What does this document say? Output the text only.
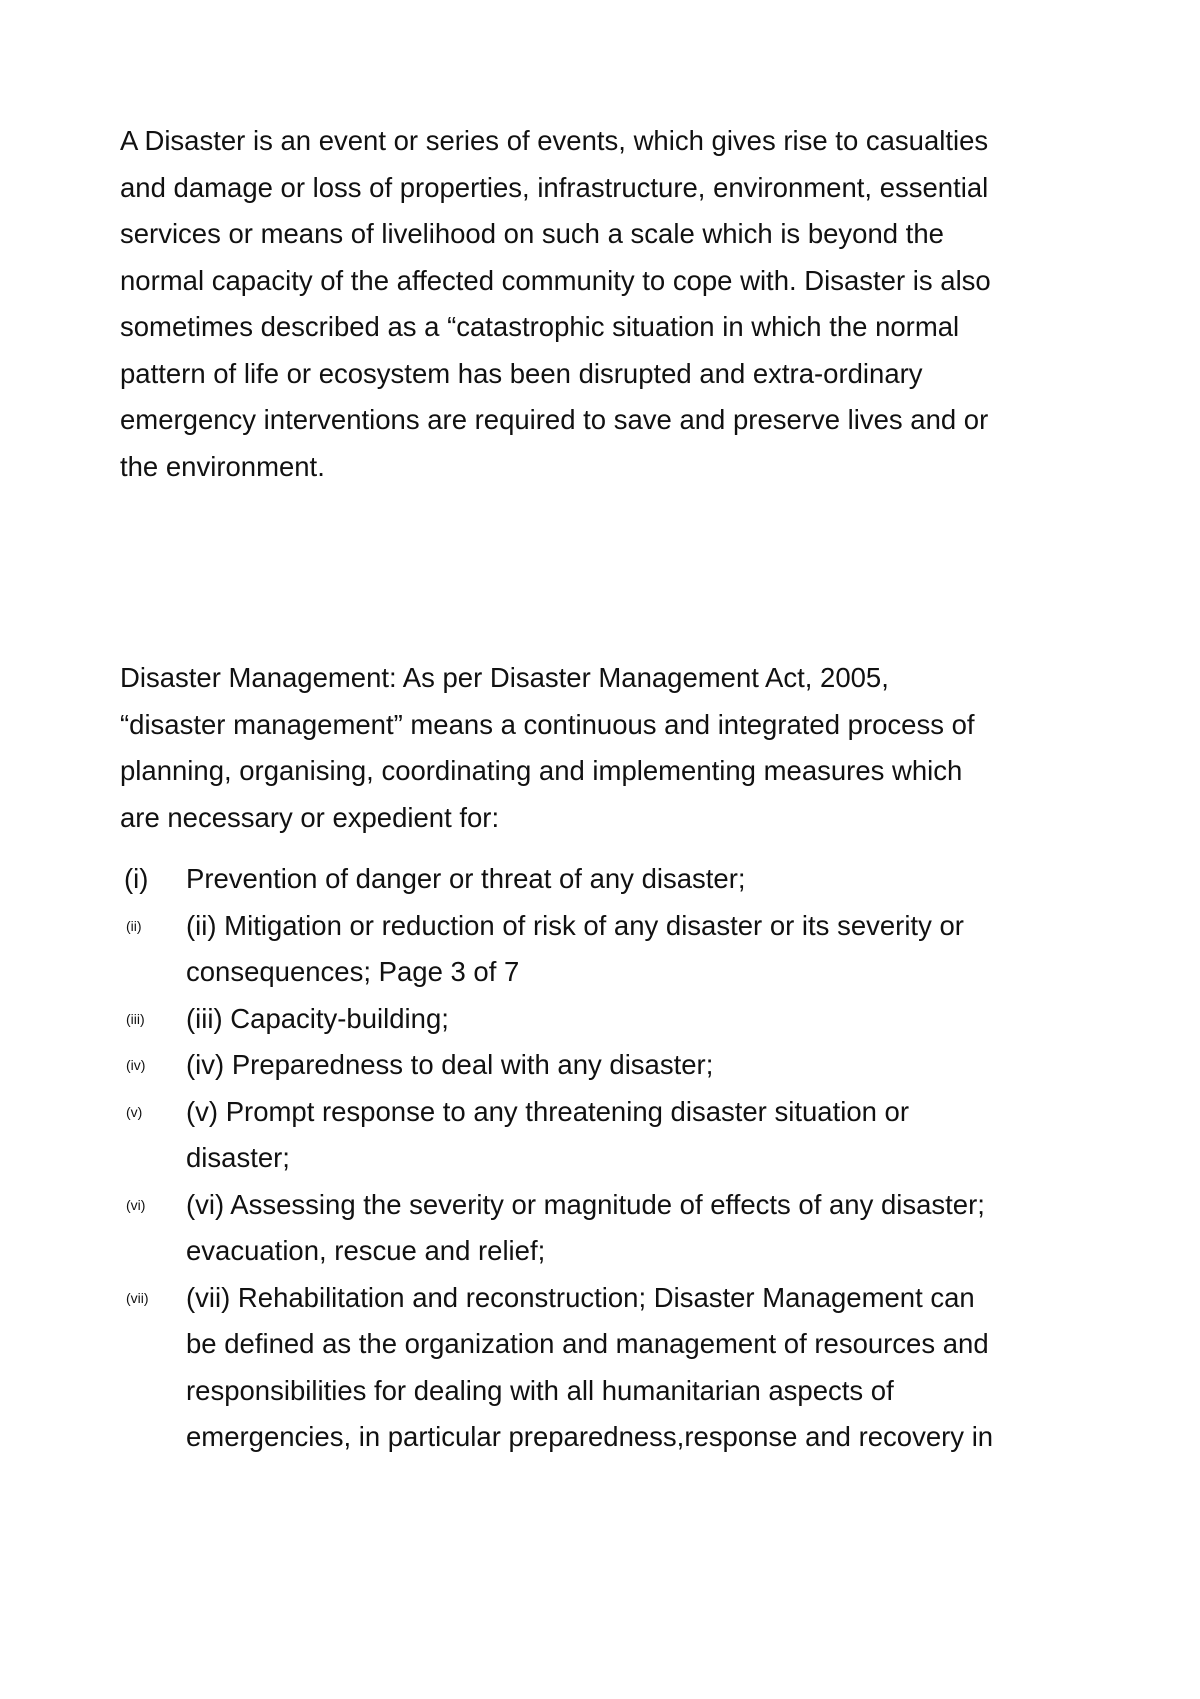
A Disaster is an event or series of events, which gives rise to casualties
and damage or loss of properties, infrastructure, environment, essential
services or means of livelihood on such a scale which is beyond the
normal capacity of the affected community to cope with. Disaster is also
sometimes described as a “catastrophic situation in which the normal
pattern of life or ecosystem has been disrupted and extra-ordinary
emergency interventions are required to save and preserve lives and or
the environment.

Disaster Management: As per Disaster Management Act, 2005,
“disaster management” means a continuous and integrated process of
planning, organising, coordinating and implementing measures which
are necessary or expedient for:

(i) Prevention of danger or threat of any disaster;
(ii) (ii) Mitigation or reduction of risk of any disaster or its severity or
consequences; Page 3 of 7
(iii) (iii) Capacity-building;
(iv) (iv) Preparedness to deal with any disaster;
(v) (v) Prompt response to any threatening disaster situation or
disaster;
(vi) (vi) Assessing the severity or magnitude of effects of any disaster;
evacuation, rescue and relief;
(vii) (vii) Rehabilitation and reconstruction; Disaster Management can
be defined as the organization and management of resources and
responsibilities for dealing with all humanitarian aspects of
emergencies, in particular preparedness,response and recovery in
